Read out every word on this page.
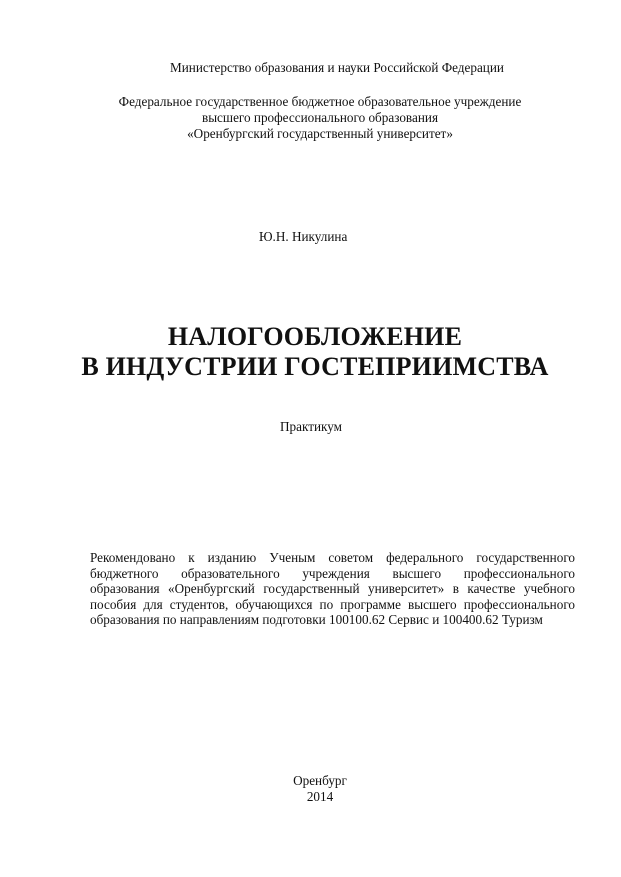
Министерство образования и науки Российской Федерации
Федеральное государственное бюджетное образовательное учреждение
высшего профессионального образования
«Оренбургский государственный университет»
Ю.Н. Никулина
НАЛОГООБЛОЖЕНИЕ
В ИНДУСТРИИ ГОСТЕПРИИМСТВА
Практикум
Рекомендовано к изданию Ученым советом федерального государственного
бюджетного образовательного учреждения высшего профессионального
образования «Оренбургский государственный университет» в качестве учебного
пособия для студентов, обучающихся по программе высшего профессионального
образования по направлениям подготовки 100100.62 Сервис и 100400.62 Туризм
Оренбург
2014
